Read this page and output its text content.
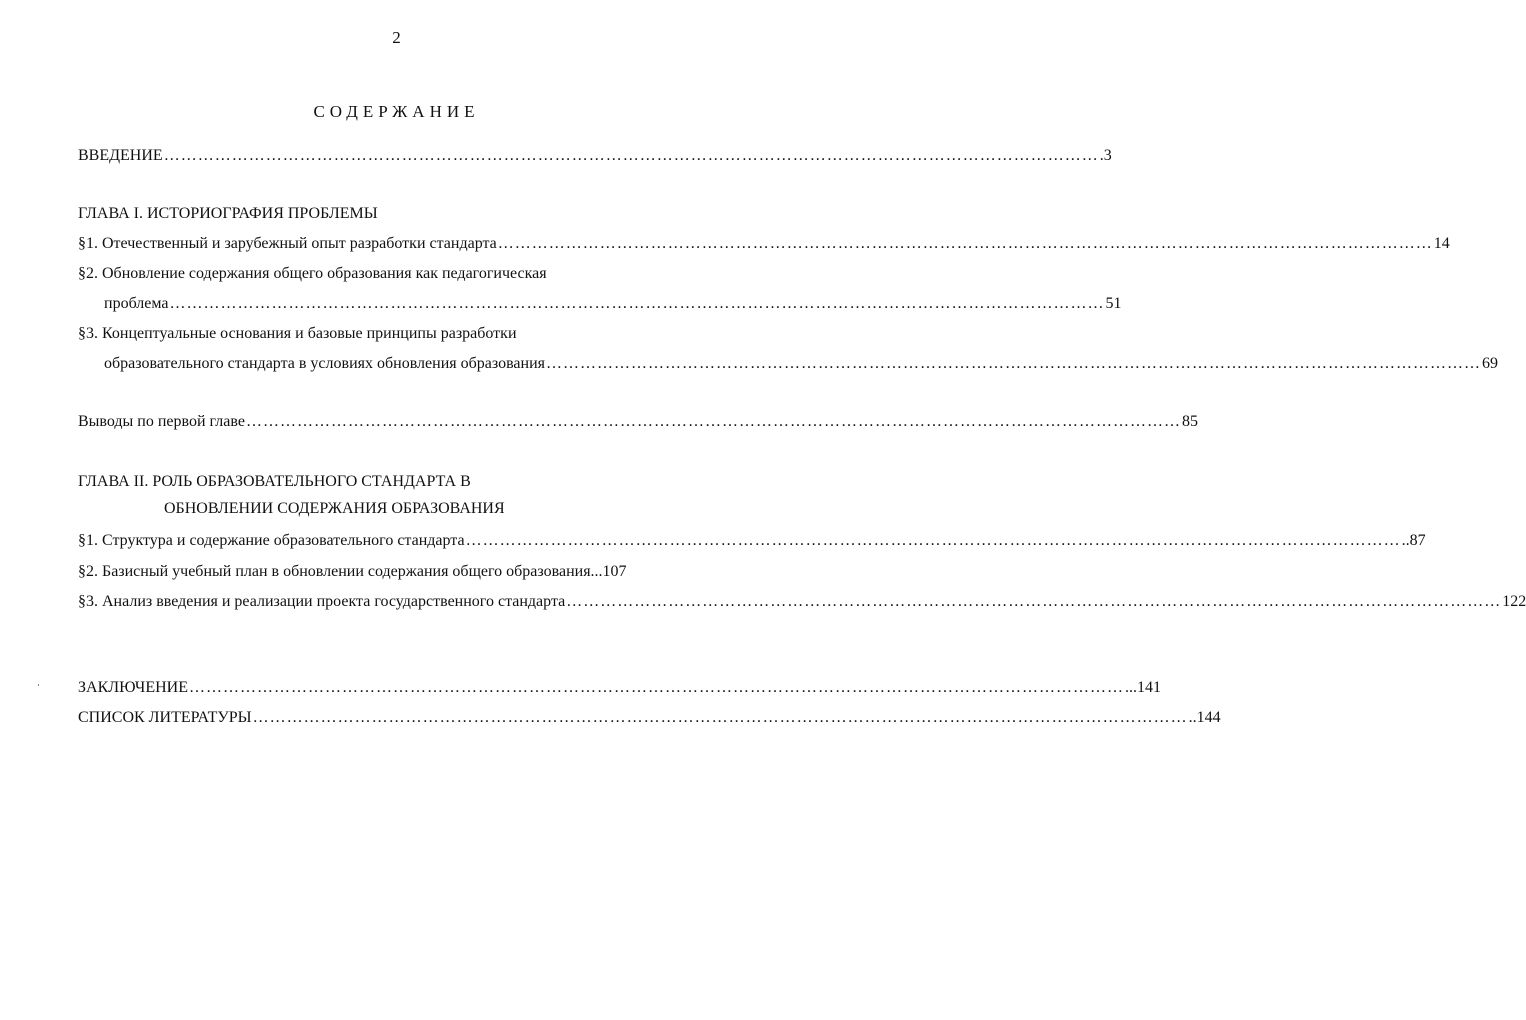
2
СОДЕРЖАНИЕ
ВВЕДЕНИЕ ………………………………………………………………………………………………………………………………………………… .3
ГЛАВА I. ИСТОРИОГРАФИЯ ПРОБЛЕМЫ
§1. Отечественный и зарубежный опыт разработки стандарта ………………………………………………………………………………………………………………………………………………… 14
§2. Обновление содержания общего образования как педагогическая
проблема ………………………………………………………………………………………………………………………………………………… 51
§3. Концептуальные основания и базовые принципы разработки
образовательного стандарта в условиях обновления образования ………………………………………………………………………………………………………………………………………………… 69
Выводы по первой главе ………………………………………………………………………………………………………………………………………………… 85
ГЛАВА II. РОЛЬ ОБРАЗОВАТЕЛЬНОГО СТАНДАРТА В
ОБНОВЛЕНИИ СОДЕРЖАНИЯ ОБРАЗОВАНИЯ
§1. Структура и содержание образовательного стандарта ………………………………………………………………………………………………………………………………………………… ..87
§2. Базисный учебный план в обновлении содержания общего образования ...107
§3. Анализ введения и реализации проекта государственного стандарта ………………………………………………………………………………………………………………………………………………… 122
ЗАКЛЮЧЕНИЕ ………………………………………………………………………………………………………………………………………………… ...141
СПИСОК ЛИТЕРАТУРЫ ………………………………………………………………………………………………………………………………………………… ..144
